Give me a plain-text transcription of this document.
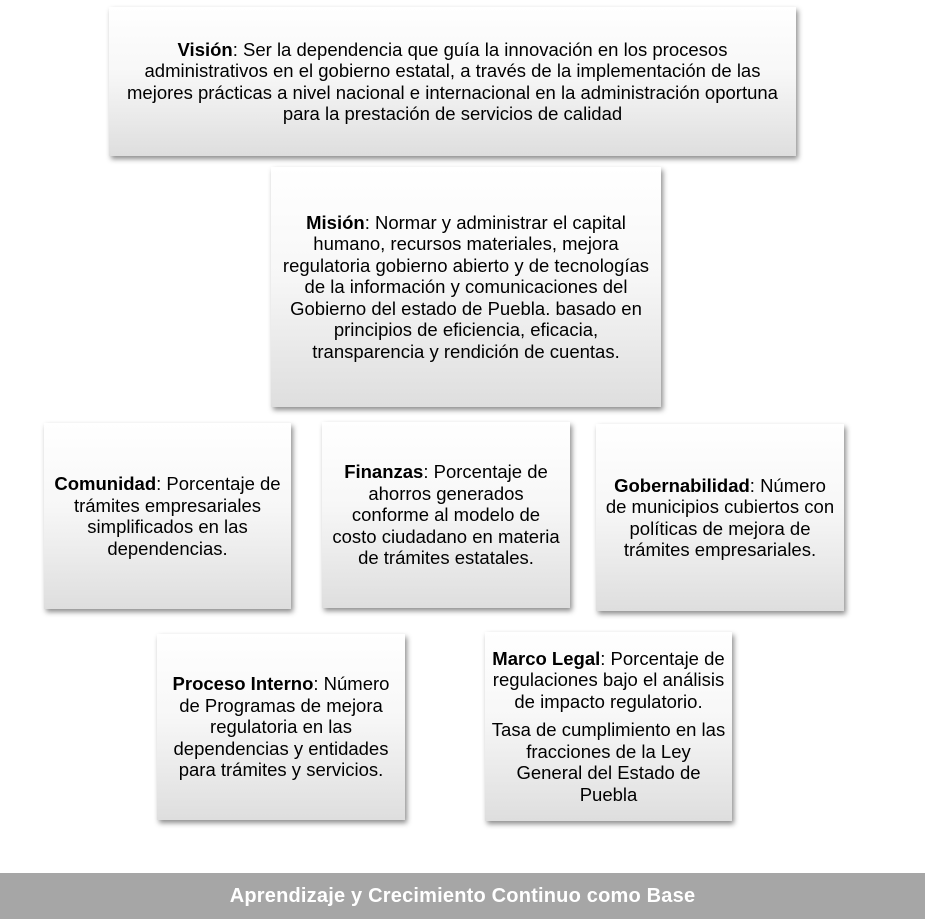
Visión: Ser la dependencia que guía la innovación en los procesos administrativos en el gobierno estatal, a través de la implementación de las mejores prácticas a nivel nacional e internacional en la administración oportuna para la prestación de servicios de calidad

Misión: Normar y administrar el capital humano, recursos materiales, mejora regulatoria gobierno abierto y de tecnologías de la información y comunicaciones del Gobierno del estado de Puebla. basado en principios de eficiencia, eficacia, transparencia y rendición de cuentas.

Comunidad: Porcentaje de trámites empresariales simplificados en las dependencias.

Finanzas: Porcentaje de ahorros generados conforme al modelo de costo ciudadano en materia de trámites estatales.

Gobernabilidad: Número de municipios cubiertos con políticas de mejora de trámites empresariales.

Proceso Interno: Número de Programas de mejora regulatoria en las dependencias y entidades para trámites y servicios.

Marco Legal: Porcentaje de regulaciones bajo el análisis de impacto regulatorio.

Tasa de cumplimiento en las fracciones de la Ley General del Estado de Puebla

Aprendizaje y Crecimiento Continuo como Base
